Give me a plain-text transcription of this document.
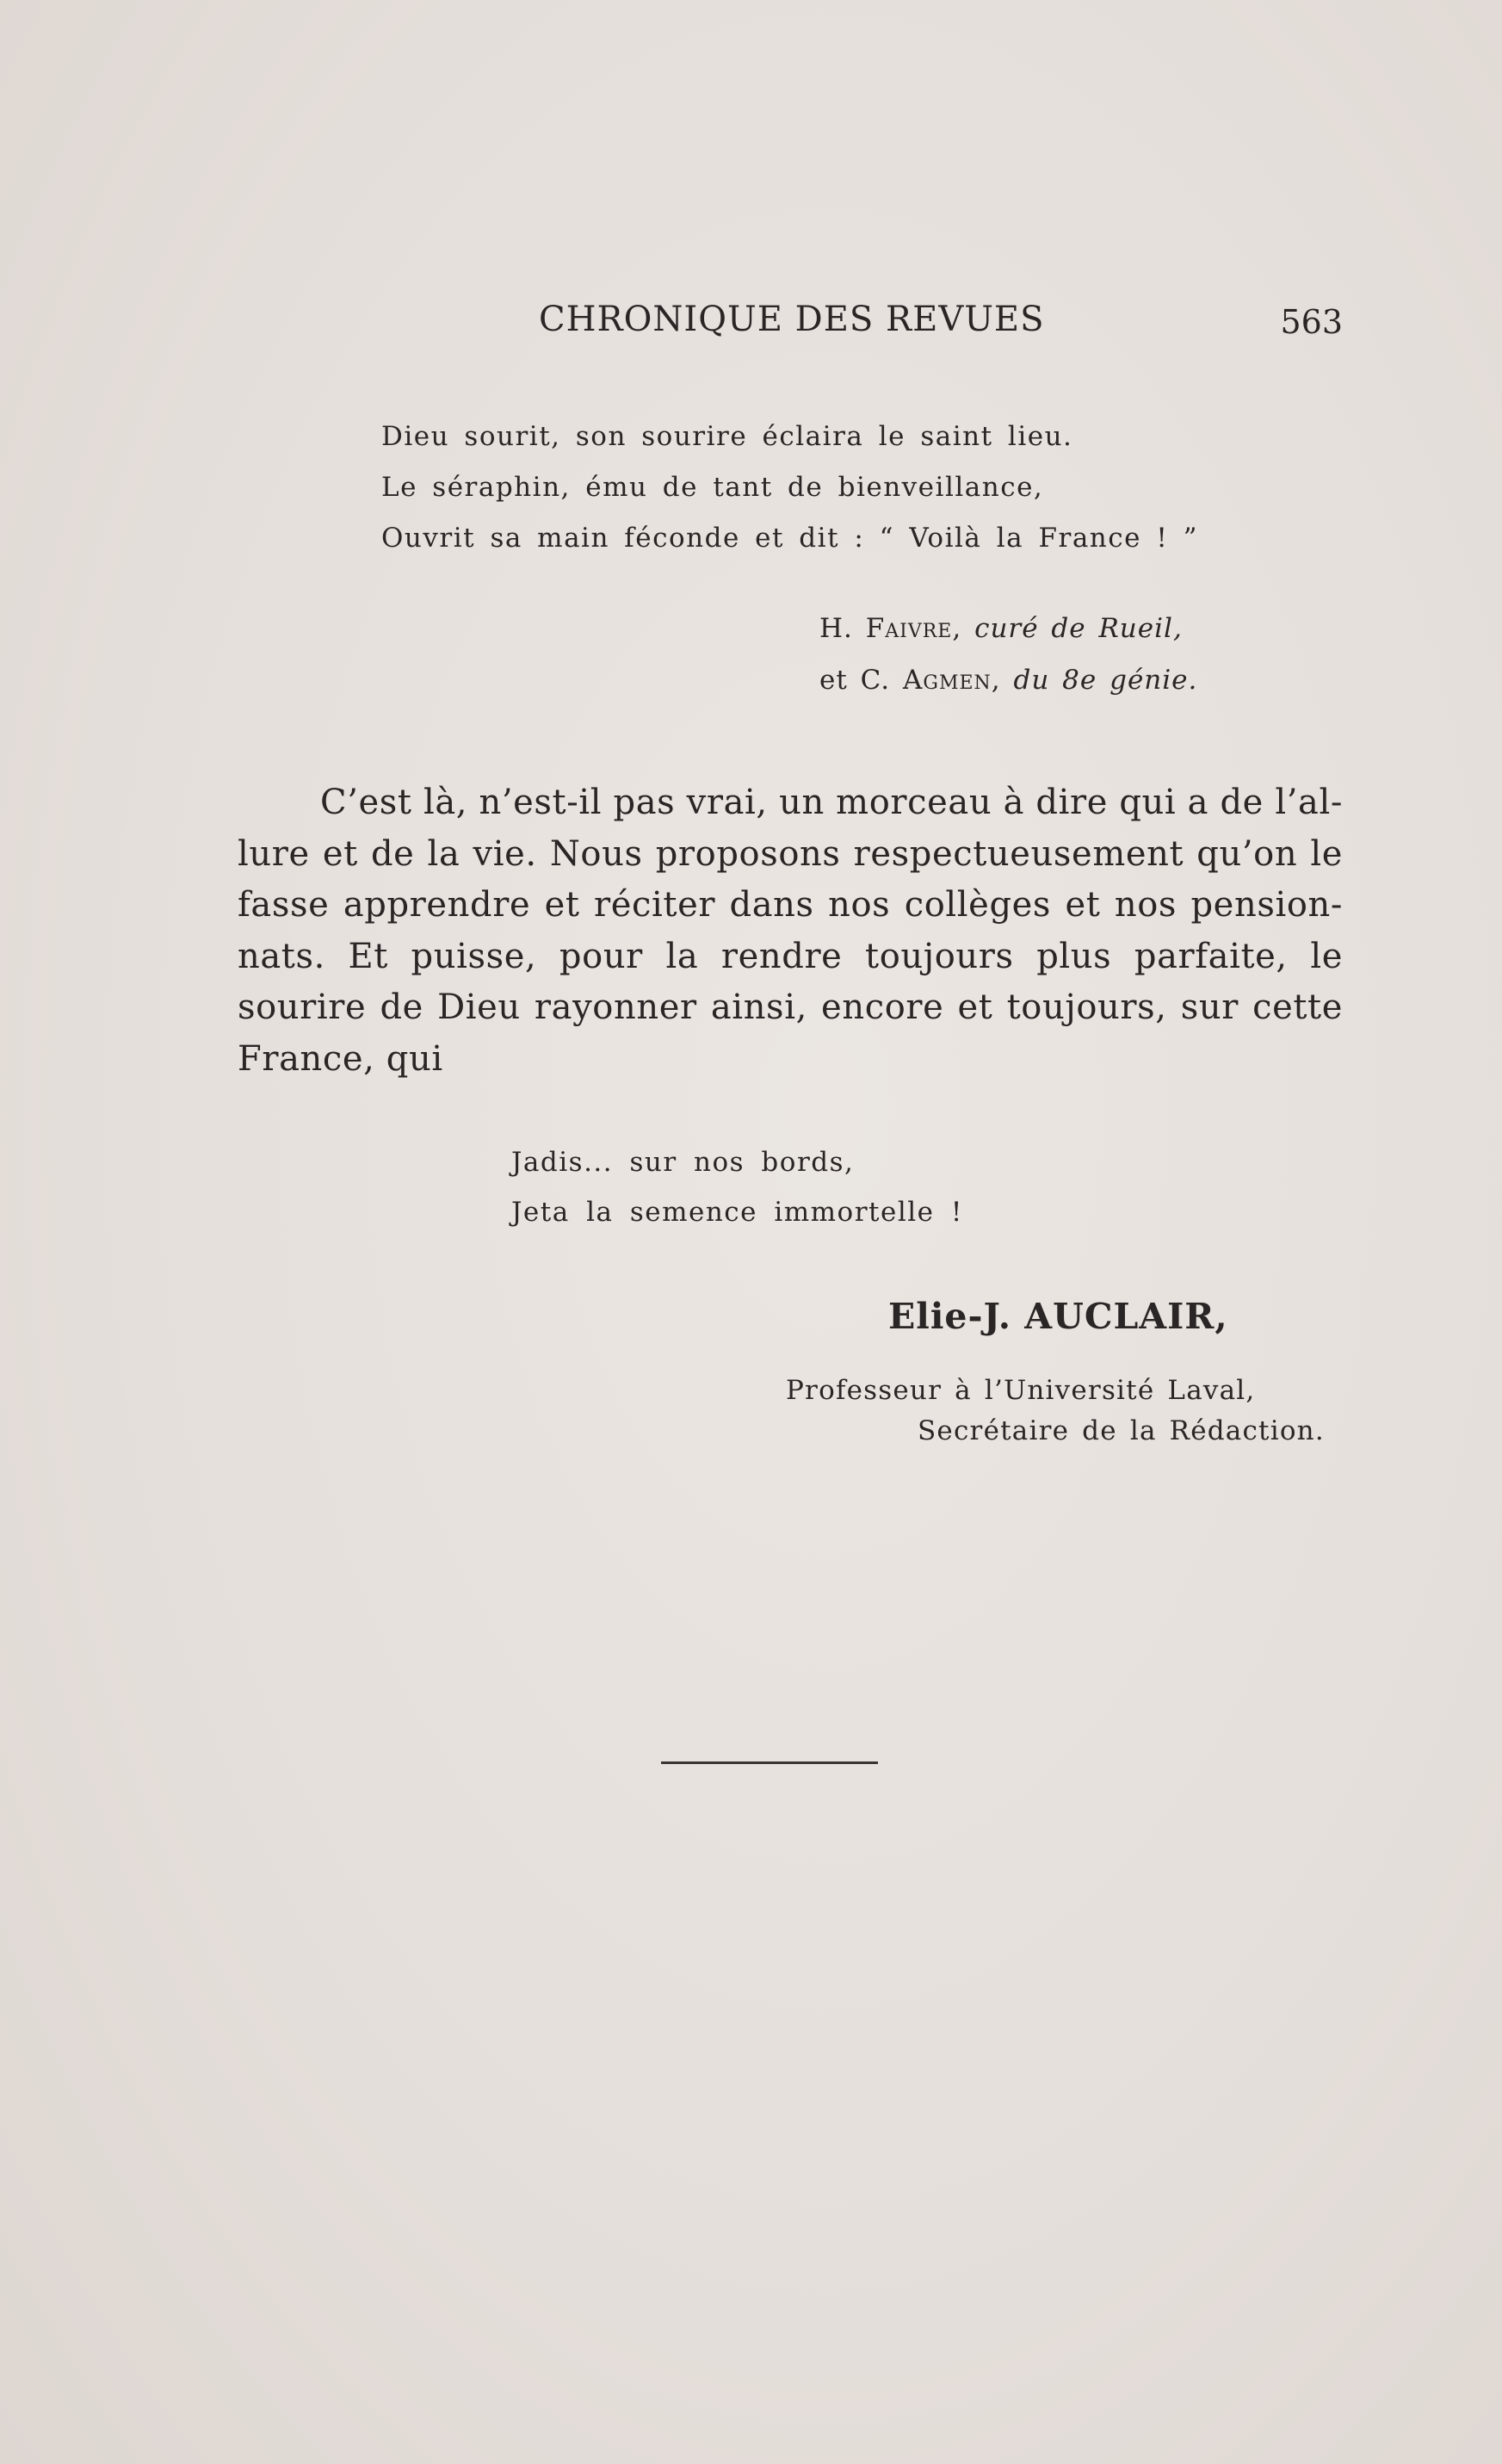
CHRONIQUE DES REVUES	563
Dieu sourit, son sourire éclaira le saint lieu.
Le séraphin, ému de tant de bienveillance,
Ouvrit sa main féconde et dit : “ Voilà la France ! ”
H. Faivre, curé de Rueil,
et C. Agmen, du 8e génie.
C’est là, n’est-il pas vrai, un morceau à dire qui a de l’al-
lure et de la vie. Nous proposons respectueusement qu’on le
fasse apprendre et réciter dans nos collèges et nos pension-
nats. Et puisse, pour la rendre toujours plus parfaite, le
sourire de Dieu rayonner ainsi, encore et toujours, sur cette
France, qui
Jadis... sur nos bords,
Jeta la semence immortelle !
Elie-J. AUCLAIR,
Professeur à l’Université Laval,
Secrétaire de la Rédaction.
